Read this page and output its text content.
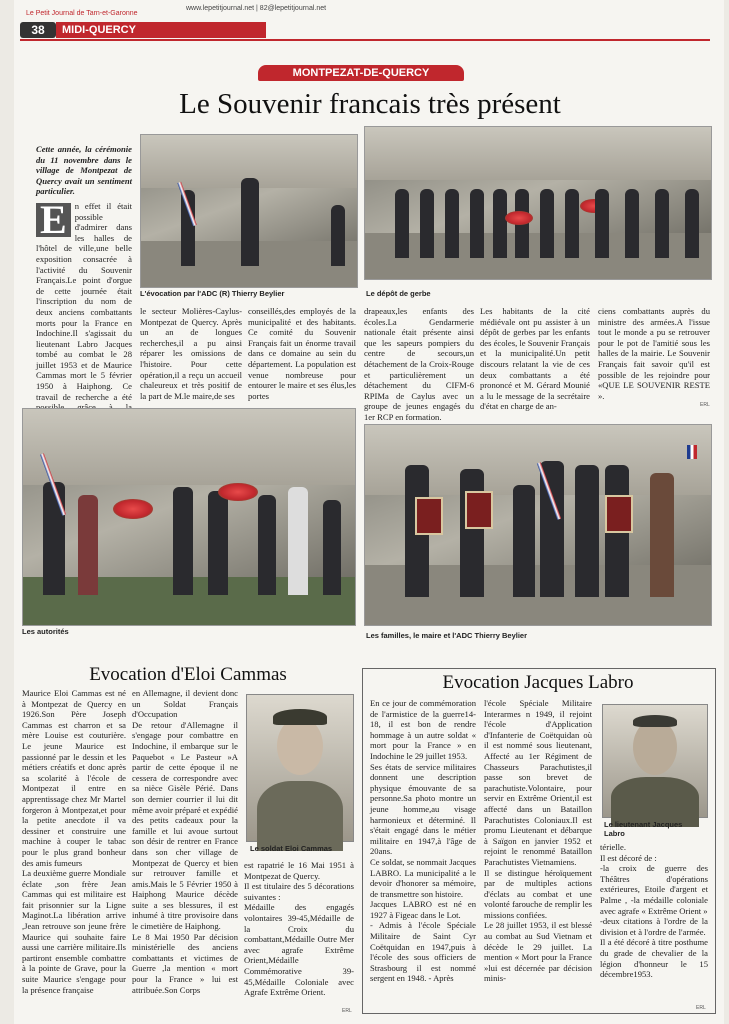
Le Petit Journal de Tarn-et-Garonne
www.lepetitjournal.net | 82@lepetitjournal.net
38	MIDI-QUERCY
MONTPEZAT-DE-QUERCY
Le Souvenir francais très présent
L'évocation par l'ADC (R) Thierry Beylier	Le dépôt de gerbe
Cette année, la cérémonie du 11 novembre dans le village de Montpezat de Quercy avait un sentiment particulier.
E n effet il était possible d'admirer dans les halles de l'hôtel de ville,une belle exposition consacrée à l'activité du Souvenir Français.Le point d'orgue de cette journée était l'inscription du nom de deux anciens combattants morts pour la France en Indochine.Il s'agissait du lieutenant Labro Jacques tombé au combat le 28 juillet 1953 et de Maurice Cammas mort le 5 février 1950 à Haiphong. Ce travail de recherche a été
le secteur Molières-Caylus-Montpezat de Quercy. Après un an de longues recherches,il a pu ainsi réparer les omissions de l'histoire. Pour cette opération,il a reçu un accueil chaleureux et très positif de la part de M.le maire,de ses
conseillés,des employés de la municipalité et des habitants. Ce comité du Souvenir Français fait un énorme travail dans ce domaine au sein du département. La population est venue nombreuse pour entourer le maire et ses élus,les portes
drapeaux,les enfants des écoles.La Gendarmerie nationale était présente ainsi que les sapeurs pompiers du centre de secours,un détachement de la Croix-Rouge et particulièrement un détachement du CIFM-6 RPIMa de Caylus avec un groupe de jeunes engagés du 1er RCP en formation.
Les habitants de la cité médiévale ont pu assister à un dépôt de gerbes par les enfants des écoles, le Souvenir Français et la municipalité.Un petit discours relatant la vie de ces deux combattants a été prononcé et M. Gérard Mounié a lu le message de la secrétaire d'état en charge de an-
ciens combattants auprès du ministre des armées.A l'issue tout le monde a pu se retrouver pour le pot de l'amitié sous les halles de la mairie. Le Souvenir Français fait savoir qu'il est possible de les rejoindre pour «QUE LE SOUVENIR RESTE ».
ERL
Les autorités	Les familles, le maire et l'ADC Thierry Beylier
Evocation d'Eloi Cammas
Maurice Eloi Cammas est né à Montpezat de Quercy en 1926.Son Père Joseph Cammas est charron et sa mère Louise est couturière. Le jeune Maurice est passionné par le dessin et les métiers créatifs et donc après sa scolarité à l'école de Montpezat il entre en apprentissage chez Mr Martel forgeron à Montpezat,et pour la petite anecdote il va dessiner et construire une machine à couper le tabac pour le plus grand bonheur des amis fumeurs
La deuxième guerre Mondiale éclate ,son frère Jean Cammas qui est militaire est fait prisonnier sur la Ligne Maginot.La libération arrive ,Jean retrouve son jeune frère Maurice qui souhaite faire aussi une carrière militaire.Ils partiront ensemble combattre à la pointe de Grave, pour la suite Maurice s'engage pour la présence française
en Allemagne, il devient donc un Soldat Français d'Occupation
De retour d'Allemagne il s'engage pour combattre en Indochine, il embarque sur le Paquebot « Le Pasteur »A partir de cette époque il ne cessera de correspondre avec sa nièce Gisèle Périé. Dans son dernier courrier il lui dit même avoir préparé et expédié des petits cadeaux pour la famille et lui avoue surtout son désir de rentrer en France dans son cher village de Montpezat de Quercy et bien sur retrouver famille et amis.Mais le 5 Février 1950 à Haiphong Maurice décède suite a ses blessures, il est inhumé à titre provisoire dans le cimetière de Haiphong.
Le 8 Mai 1950 Par décision ministérielle des anciens combattants et victimes de Guerre ,la mention « mort pour la France » lui est attribuée.Son Corps
Le soldat Eloi Cammas
est rapatrié le 16 Mai 1951 à Montpezat de Quercy.
Il est titulaire des 5 décorations suivantes :
Médaille des engagés volontaires 39-45,Médaille de la Croix du combattant,Médaille Outre Mer avec agrafe Extrême Orient,Médaille Commémorative 39-45,Médaille Coloniale avec Agrafe Extrême Orient.
ERL
Evocation Jacques Labro
En ce jour de commémoration de l'armistice de la guerre14-18, il est bon de rendre hommage à un autre soldat « mort pour la France » en Indochine le 29 juillet 1953.
Ses états de service militaires donnent une description physique émouvante de sa personne.Sa photo montre un jeune homme,au visage harmonieux et déterminé. Il s'était engagé dans le métier militaire en 1947,à l'âge de 20ans.
Ce soldat, se nommait Jacques LABRO. La municipalité a le devoir d'honorer sa mémoire, de transmettre son histoire.
Jacques LABRO est né en 1927 à Figeac dans le Lot.
- Admis à l'école Spéciale Militaire de Saint Cyr Coëtquidan en 1947,puis à l'école des sous officiers de Strasbourg il est nommé sergent en 1948. - Après
l'école Spéciale Militaire Interarmes n 1949, il rejoint l'école d'Application d'Infanterie de Coëtquidan où il est nommé sous lieutenant, Affecté au 1er Régiment de Chasseurs Parachutistes,il passe son brevet de parachutiste.Volontaire, pour servir en Extrême Orient,il est affecté dans un Bataillon Parachutistes Coloniaux.Il est promu Lieutenant et débarque à Saïgon en janvier 1952 et rejoint le renommé Bataillon Parachutistes Vietnamiens.
Il se distingue héroïquement par de multiples actions d'éclats au combat et une volonté farouche de remplir les missions confiées.
Le 28 juillet 1953, il est blessé au combat au Sud Vietnam et décède le 29 juillet. La mention « Mort pour la France »lui est décernée par décision minis-
Le lieutenant Jacques Labro
térielle.
Il est décoré de :
-la croix de guerre des Théâtres d'opérations extérieures, Etoile d'argent et Palme , -la médaille coloniale avec agrafe « Extrême Orient »
-deux citations à l'ordre de la division et à l'ordre de l'armée.
Il a été décoré à titre posthume du grade de chevalier de la légion d'honneur le 15 décembre1953.
ERL
